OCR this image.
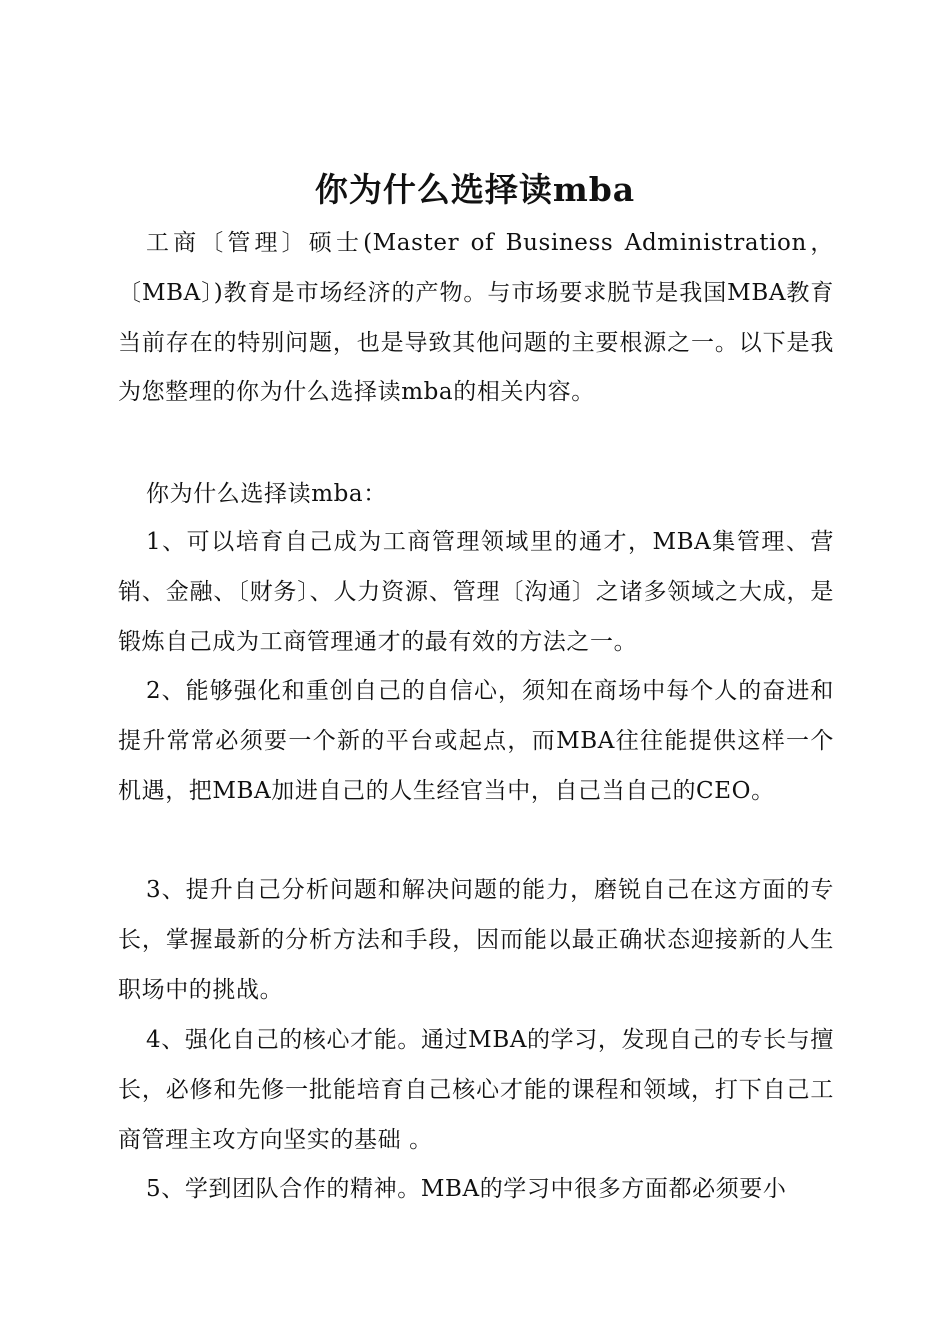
你为什么选择读mba

工商〔管理〕硕士(Master of Business Administration，〔MBA〕)教育是市场经济的产物。与市场要求脱节是我国MBA教育当前存在的特别问题，也是导致其他问题的主要根源之一。以下是我为您整理的你为什么选择读mba的相关内容。

你为什么选择读mba：

1、可以培育自己成为工商管理领域里的通才，MBA集管理、营销、金融、〔财务〕、人力资源、管理〔沟通〕之诸多领域之大成，是锻炼自己成为工商管理通才的最有效的方法之一。

2、能够强化和重创自己的自信心，须知在商场中每个人的奋进和提升常常必须要一个新的平台或起点，而MBA往往能提供这样一个机遇，把MBA加进自己的人生经官当中，自己当自己的CEO。

3、提升自己分析问题和解决问题的能力，磨锐自己在这方面的专长，掌握最新的分析方法和手段，因而能以最正确状态迎接新的人生职场中的挑战。

4、强化自己的核心才能。通过MBA的学习，发现自己的专长与擅长，必修和先修一批能培育自己核心才能的课程和领域，打下自己工商管理主攻方向坚实的基础 。

5、学到团队合作的精神。MBA的学习中很多方面都必须要小
